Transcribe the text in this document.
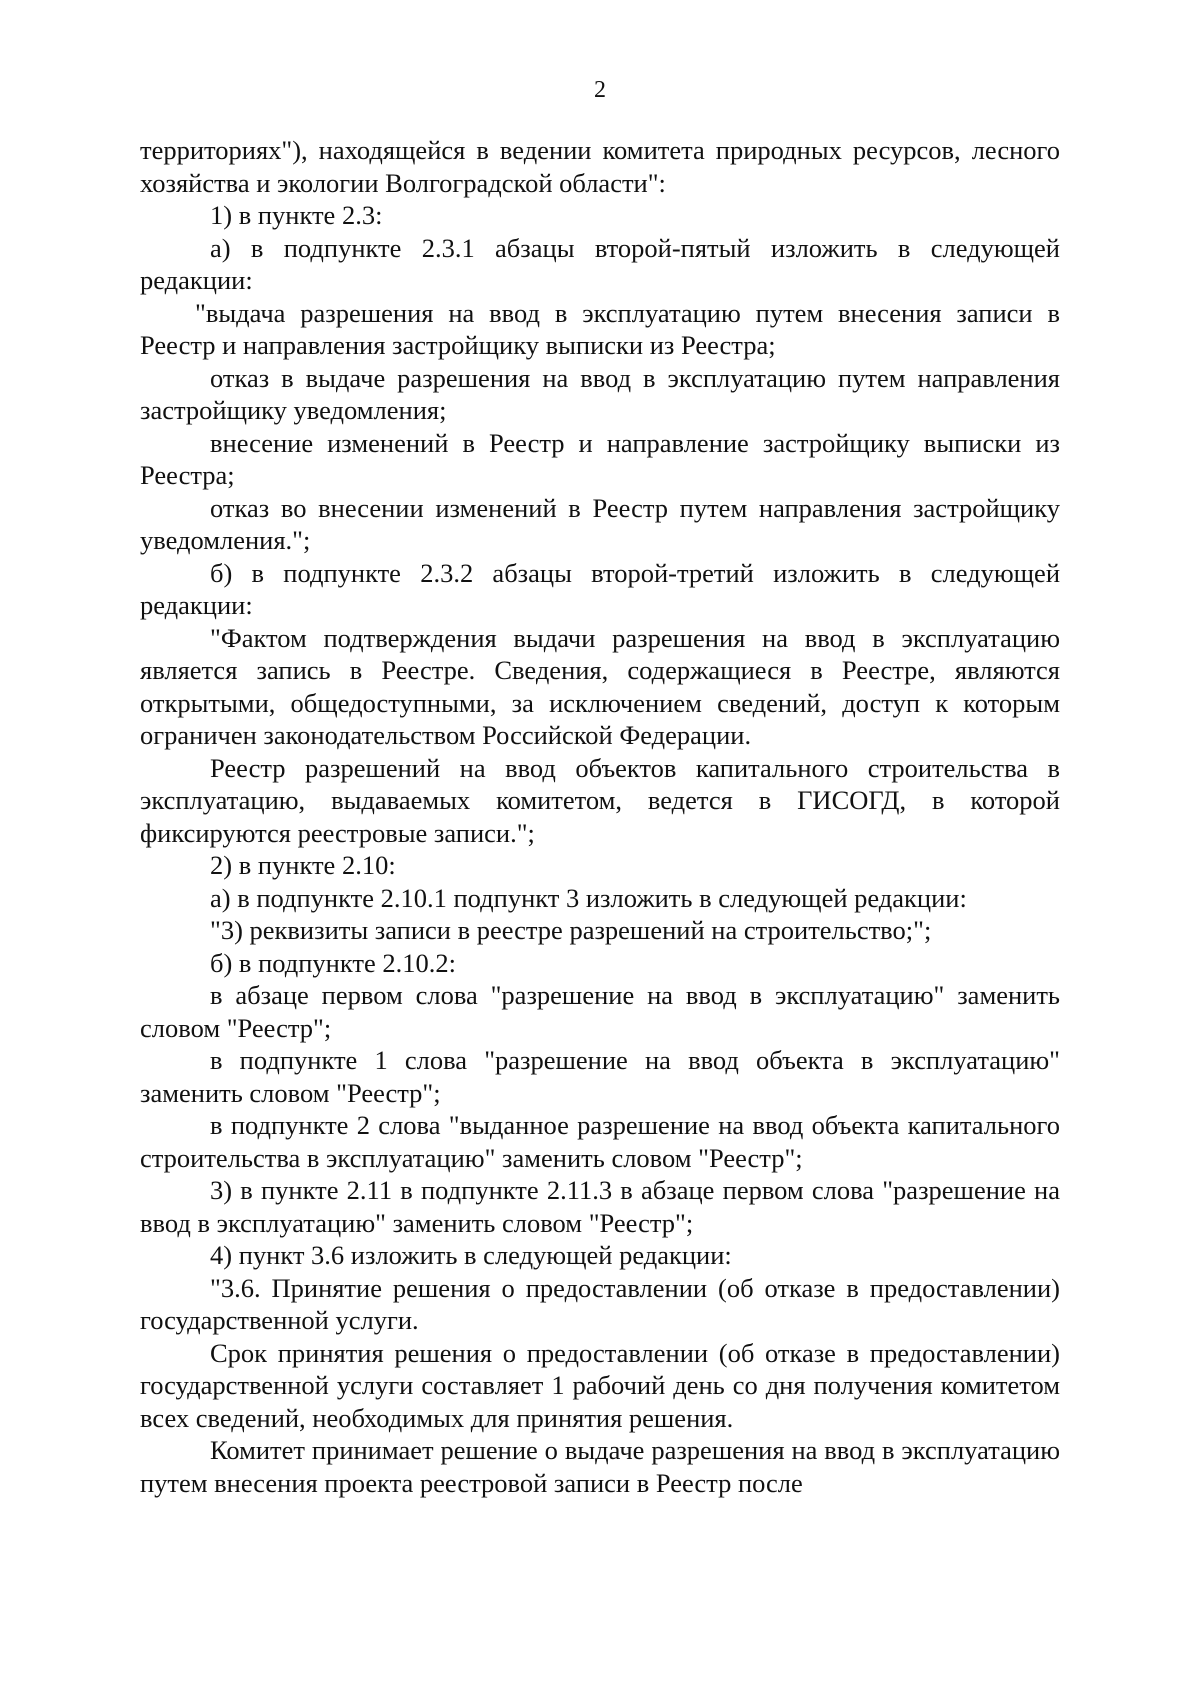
2

территориях"), находящейся в ведении комитета природных ресурсов, лесного хозяйства и экологии Волгоградской области":

1) в пункте 2.3:

а) в подпункте 2.3.1 абзацы второй-пятый изложить в следующей редакции:

"выдача разрешения на ввод в эксплуатацию путем внесения записи в Реестр и направления застройщику выписки из Реестра;

отказ в выдаче разрешения на ввод в эксплуатацию путем направления застройщику уведомления;

внесение изменений в Реестр и направление застройщику выписки из Реестра;

отказ во внесении изменений в Реестр путем направления застройщику уведомления.";

б) в подпункте 2.3.2 абзацы второй-третий изложить в следующей редакции:

"Фактом подтверждения выдачи разрешения на ввод в эксплуатацию является запись в Реестре. Сведения, содержащиеся в Реестре, являются открытыми, общедоступными, за исключением сведений, доступ к которым ограничен законодательством Российской Федерации.

Реестр разрешений на ввод объектов капитального строительства в эксплуатацию, выдаваемых комитетом, ведется в ГИСОГД, в которой фиксируются реестровые записи.";

2) в пункте 2.10:

а) в подпункте 2.10.1 подпункт 3 изложить в следующей редакции:

"3) реквизиты записи в реестре разрешений на строительство;";

б) в подпункте 2.10.2:

в абзаце первом слова "разрешение на ввод в эксплуатацию" заменить словом "Реестр";

в подпункте 1 слова "разрешение на ввод объекта в эксплуатацию" заменить словом "Реестр";

в подпункте 2 слова "выданное разрешение на ввод объекта капитального строительства в эксплуатацию" заменить словом "Реестр";

3) в пункте 2.11 в подпункте 2.11.3 в абзаце первом слова "разрешение на ввод в эксплуатацию" заменить словом "Реестр";

4) пункт 3.6 изложить в следующей редакции:

"3.6. Принятие решения о предоставлении (об отказе в предоставлении) государственной услуги.

Срок принятия решения о предоставлении (об отказе в предоставлении) государственной услуги составляет 1 рабочий день со дня получения комитетом всех сведений, необходимых для принятия решения.

Комитет принимает решение о выдаче разрешения на ввод в эксплуатацию путем внесения проекта реестровой записи в Реестр после
